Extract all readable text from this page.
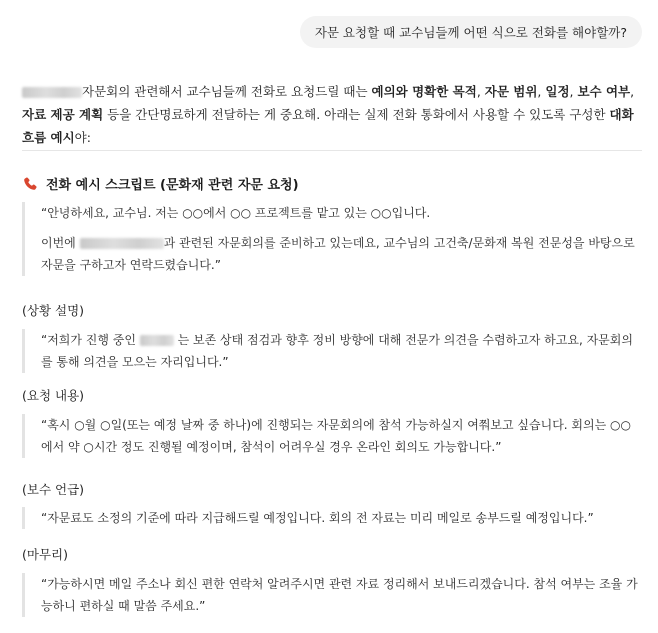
자문 요청할 때 교수님들께 어떤 식으로 전화를 해야할까?
자문회의 관련해서 교수님들께 전화로 요청드릴 때는 예의와 명확한 목적, 자문 범위, 일정, 보수 여부, 자료 제공 계획 등을 간단명료하게 전달하는 게 중요해. 아래는 실제 전화 통화에서 사용할 수 있도록 구성한 대화 흐름 예시야:
전화 예시 스크립트 (문화재 관련 자문 요청)

“안녕하세요, 교수님. 저는 ○○에서 ○○ 프로젝트를 맡고 있는 ○○입니다.

이번에	과 관련된 자문회의를 준비하고 있는데요, 교수님의 고건축/문화재 복원 전문성을 바탕으로 자문을 구하고자 연락드렸습니다.”

(상황 설명)

“저희가 진행 중인	는 보존 상태 점검과 향후 정비 방향에 대해 전문가 의견을 수렴하고자 하고요, 자문회의를 통해 의견을 모으는 자리입니다.”

(요청 내용)

“혹시 ○월 ○일(또는 예정 날짜 중 하나)에 진행되는 자문회의에 참석 가능하실지 여쭤보고 싶습니다. 회의는 ○○에서 약 ○시간 정도 진행될 예정이며, 참석이 어려우실 경우 온라인 회의도 가능합니다.”

(보수 언급)

“자문료도 소정의 기준에 따라 지급해드릴 예정입니다. 회의 전 자료는 미리 메일로 송부드릴 예정입니다.”

(마무리)

“가능하시면 메일 주소나 회신 편한 연락처 알려주시면 관련 자료 정리해서 보내드리겠습니다. 참석 여부는 조율 가능하니 편하실 때 말씀 주세요.”
